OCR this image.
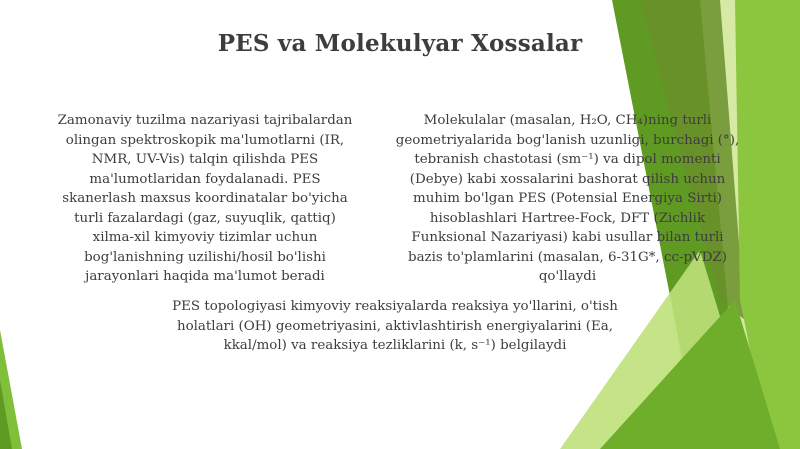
PES va Molekulyar Xossalar
Zamonaviy tuzilma nazariyasi tajribalardan olingan spektroskopik ma'lumotlarni (IR, NMR, UV-Vis) talqin qilishda PES ma'lumotlaridan foydalanadi. PES skanerlash maxsus koordinatalar bo'yicha turli fazalardagi (gaz, suyuqlik, qattiq) xilma-xil kimyoviy tizimlar uchun bog'lanishning uzilishi/hosil bo'lishi jarayonlari haqida ma'lumot beradi
Molekulalar (masalan, H₂O, CH₄)ning turli geometriyalarida bog'lanish uzunligi, burchagi (°), tebranish chastotasi (sm⁻¹) va dipol momenti (Debye) kabi xossalarini bashorat qilish uchun muhim bo'lgan PES (Potensial Energiya Sirti) hisoblashlari Hartree-Fock, DFT (Zichlik Funksional Nazariyasi) kabi usullar bilan turli bazis to'plamlarini (masalan, 6-31G*, cc-pVDZ) qo'llaydi
PES topologiyasi kimyoviy reaksiyalarda reaksiya yo'llarini, o'tish holatlari (OH) geometriyasini, aktivlashtirish energiyalarini (Ea, kkal/mol) va reaksiya tezliklarini (k, s⁻¹) belgilaydi
